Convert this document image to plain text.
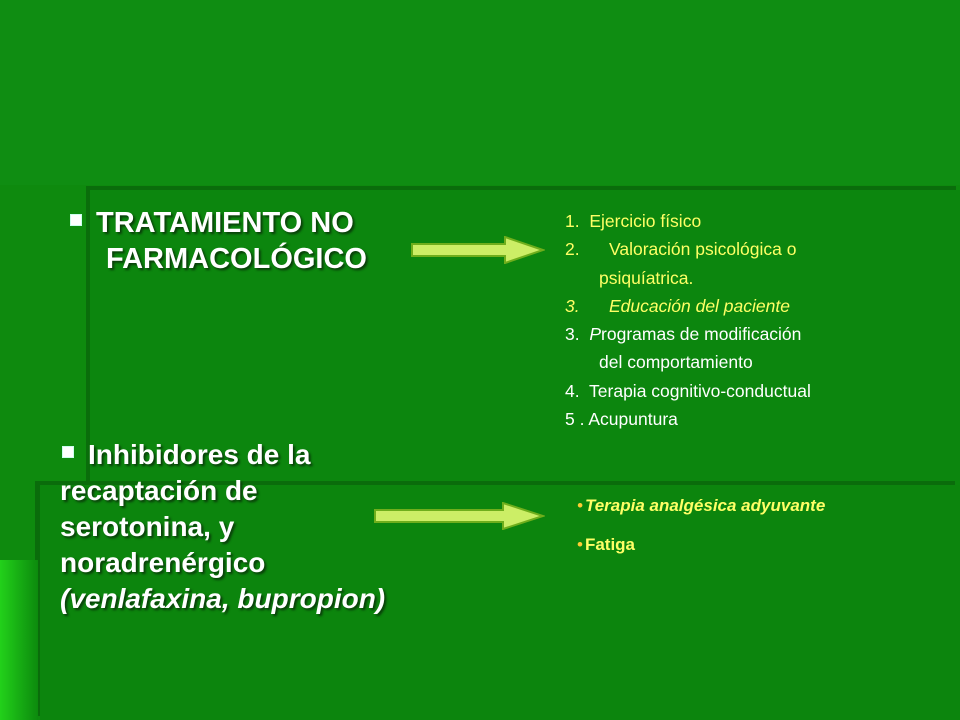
TRATAMIENTO NO
FARMACOLÓGICO
1. Ejercicio físico
2. Valoración psicológica o
psiquíatrica.
3. Educación del paciente
3. Programas de modificación
del comportamiento
4. Terapia cognitivo-conductual
5 . Acupuntura
Inhibidores de la
recaptación de
serotonina, y
noradrenérgico
(venlafaxina, bupropion)
• Terapia analgésica adyuvante
• Fatiga
